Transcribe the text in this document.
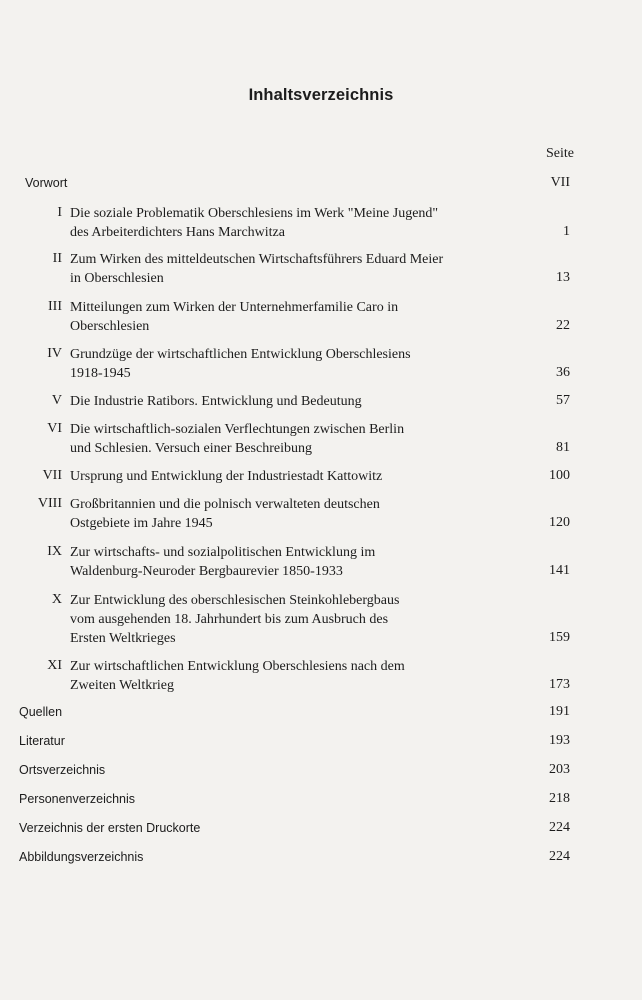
Inhaltsverzeichnis
Seite
Vorwort	VII
I Die soziale Problematik Oberschlesiens im Werk "Meine Jugend"
des Arbeiterdichters Hans Marchwitza	1
II Zum Wirken des mitteldeutschen Wirtschaftsführers Eduard Meier
in Oberschlesien	13
III Mitteilungen zum Wirken der Unternehmerfamilie Caro in
Oberschlesien	22
IV Grundzüge der wirtschaftlichen Entwicklung Oberschlesiens
1918-1945	36
V Die Industrie Ratibors. Entwicklung und Bedeutung	57
VI Die wirtschaftlich-sozialen Verflechtungen zwischen Berlin
und Schlesien. Versuch einer Beschreibung	81
VII Ursprung und Entwicklung der Industriestadt Kattowitz	100
VIII Großbritannien und die polnisch verwalteten deutschen
Ostgebiete im Jahre 1945	120
IX Zur wirtschafts- und sozialpolitischen Entwicklung im
Waldenburg-Neuroder Bergbaurevier 1850-1933	141
X Zur Entwicklung des oberschlesischen Steinkohlebergbaus
vom ausgehenden 18. Jahrhundert bis zum Ausbruch des
Ersten Weltkrieges	159
XI Zur wirtschaftlichen Entwicklung Oberschlesiens nach dem
Zweiten Weltkrieg	173
Quellen	191
Literatur	193
Ortsverzeichnis	203
Personenverzeichnis	218
Verzeichnis der ersten Druckorte	224
Abbildungsverzeichnis	224
